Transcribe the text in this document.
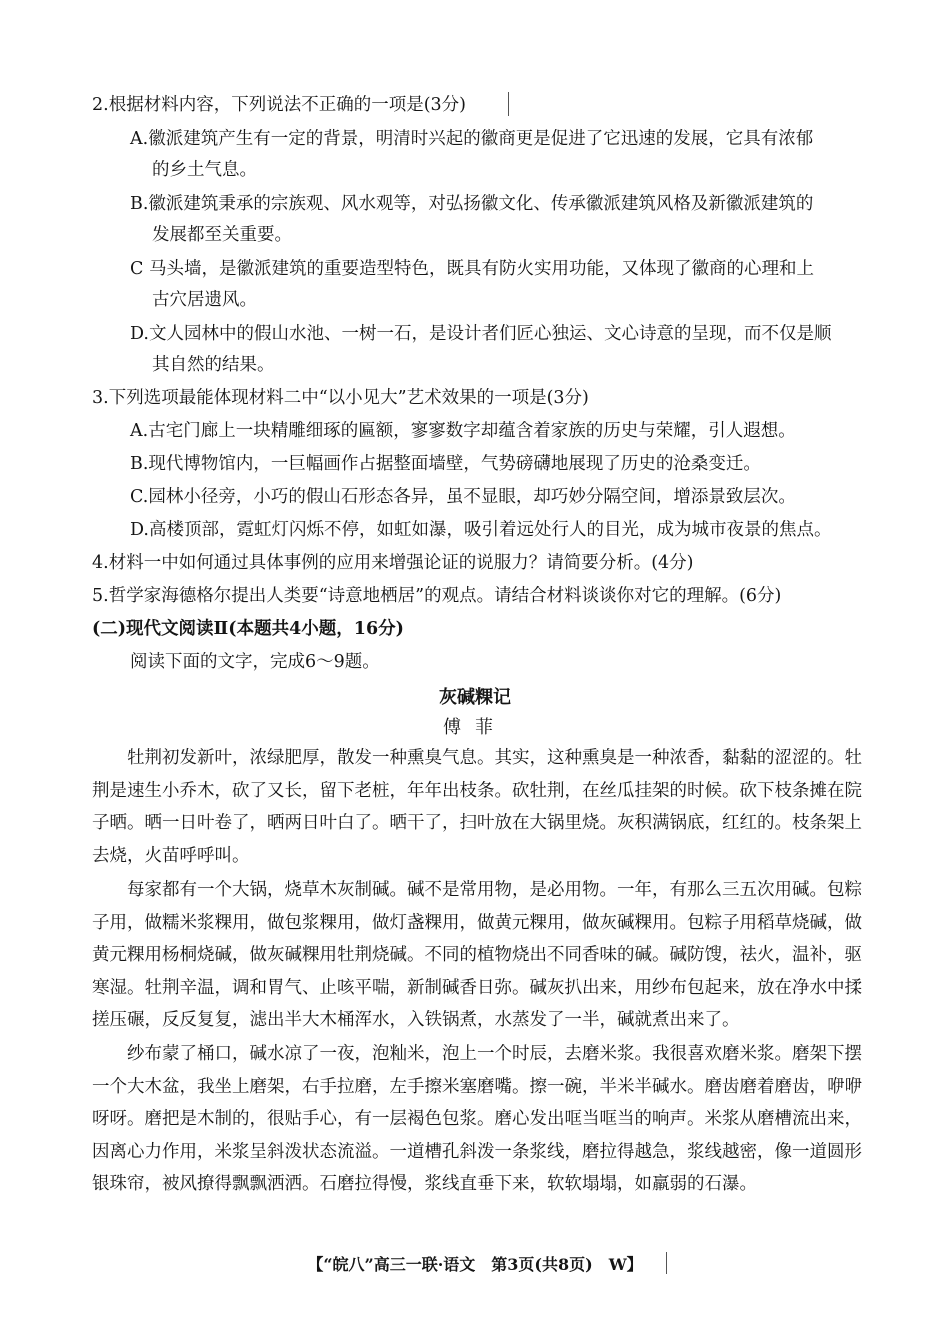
2.根据材料内容，下列说法不正确的一项是(3分)
A.徽派建筑产生有一定的背景，明清时兴起的徽商更是促进了它迅速的发展，它具有浓郁
的乡土气息。
B.徽派建筑秉承的宗族观、风水观等，对弘扬徽文化、传承徽派建筑风格及新徽派建筑的
发展都至关重要。
C 马头墙，是徽派建筑的重要造型特色，既具有防火实用功能，又体现了徽商的心理和上
古穴居遗风。
D.文人园林中的假山水池、一树一石，是设计者们匠心独运、文心诗意的呈现，而不仅是顺
其自然的结果。
3.下列选项最能体现材料二中“以小见大”艺术效果的一项是(3分)
A.古宅门廊上一块精雕细琢的匾额，寥寥数字却蕴含着家族的历史与荣耀，引人遐想。
B.现代博物馆内，一巨幅画作占据整面墙壁，气势磅礴地展现了历史的沧桑变迁。
C.园林小径旁，小巧的假山石形态各异，虽不显眼，却巧妙分隔空间，增添景致层次。
D.高楼顶部，霓虹灯闪烁不停，如虹如瀑，吸引着远处行人的目光，成为城市夜景的焦点。
4.材料一中如何通过具体事例的应用来增强论证的说服力？请简要分析。(4分)
5.哲学家海德格尔提出人类要“诗意地栖居”的观点。请结合材料谈谈你对它的理解。(6分)
(二)现代文阅读Ⅱ(本题共4小题，16分)
阅读下面的文字，完成6～9题。
灰碱粿记
傅菲
牡荆初发新叶，浓绿肥厚，散发一种熏臭气息。其实，这种熏臭是一种浓香，黏黏的涩涩的。牡荆是速生小乔木，砍了又长，留下老桩，年年出枝条。砍牡荆，在丝瓜挂架的时候。砍下枝条摊在院子晒。晒一日叶卷了，晒两日叶白了。晒干了，扫叶放在大锅里烧。灰积满锅底，红红的。枝条架上去烧，火苗呼呼叫。
每家都有一个大锅，烧草木灰制碱。碱不是常用物，是必用物。一年，有那么三五次用碱。包粽子用，做糯米浆粿用，做包浆粿用，做灯盏粿用，做黄元粿用，做灰碱粿用。包粽子用稻草烧碱，做黄元粿用杨桐烧碱，做灰碱粿用牡荆烧碱。不同的植物烧出不同香味的碱。碱防馊，祛火，温补，驱寒湿。牡荆辛温，调和胃气、止咳平喘，新制碱香日弥。碱灰扒出来，用纱布包起来，放在净水中揉搓压碾，反反复复，滤出半大木桶浑水，入铁锅煮，水蒸发了一半，碱就煮出来了。
纱布蒙了桶口，碱水凉了一夜，泡籼米，泡上一个时辰，去磨米浆。我很喜欢磨米浆。磨架下摆一个大木盆，我坐上磨架，右手拉磨，左手擦米塞磨嘴。擦一碗，半米半碱水。磨齿磨着磨齿，咿咿呀呀。磨把是木制的，很贴手心，有一层褐色包浆。磨心发出哐当哐当的响声。米浆从磨槽流出来，因离心力作用，米浆呈斜泼状态流溢。一道槽孔斜泼一条浆线，磨拉得越急，浆线越密，像一道圆形银珠帘，被风撩得飘飘洒洒。石磨拉得慢，浆线直垂下来，软软塌塌，如羸弱的石瀑。
【“皖八”高三一联·语文　第3页(共8页)　W】
